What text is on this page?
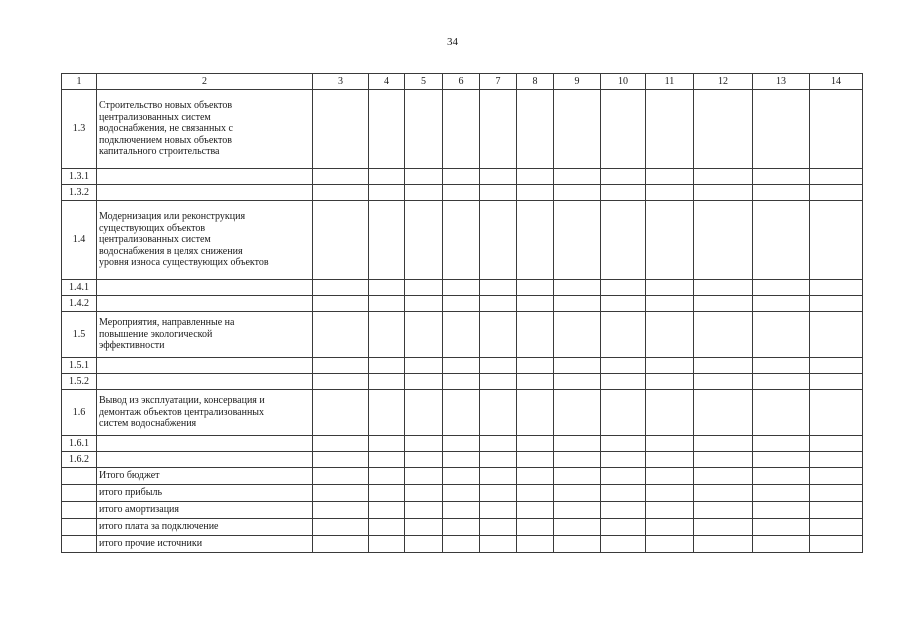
34
1	2	3	4	5	6	7	8	9	10	11	12	13	14
1.3	Строительство новых объектов
централизованных систем
водоснабжения, не связанных с
подключением новых объектов
капитального строительства												

1.3.1													
1.3.2													
1.4	Модернизация или реконструкция
существующих объектов
централизованных систем
водоснабжения в целях снижения
уровня износа существующих объектов												

1.4.1													
1.4.2													
1.5	Мероприятия, направленные на
повышение экологической
эффективности												

1.5.1													
1.5.2													
1.6	Вывод из эксплуатации, консервация и
демонтаж объектов централизованных
систем водоснабжения												

1.6.1													
1.6.2													

	Итого бюджет												

	итого прибыль												

	итого амортизация												

	итого плата за подключение												

	итого прочие источники												
